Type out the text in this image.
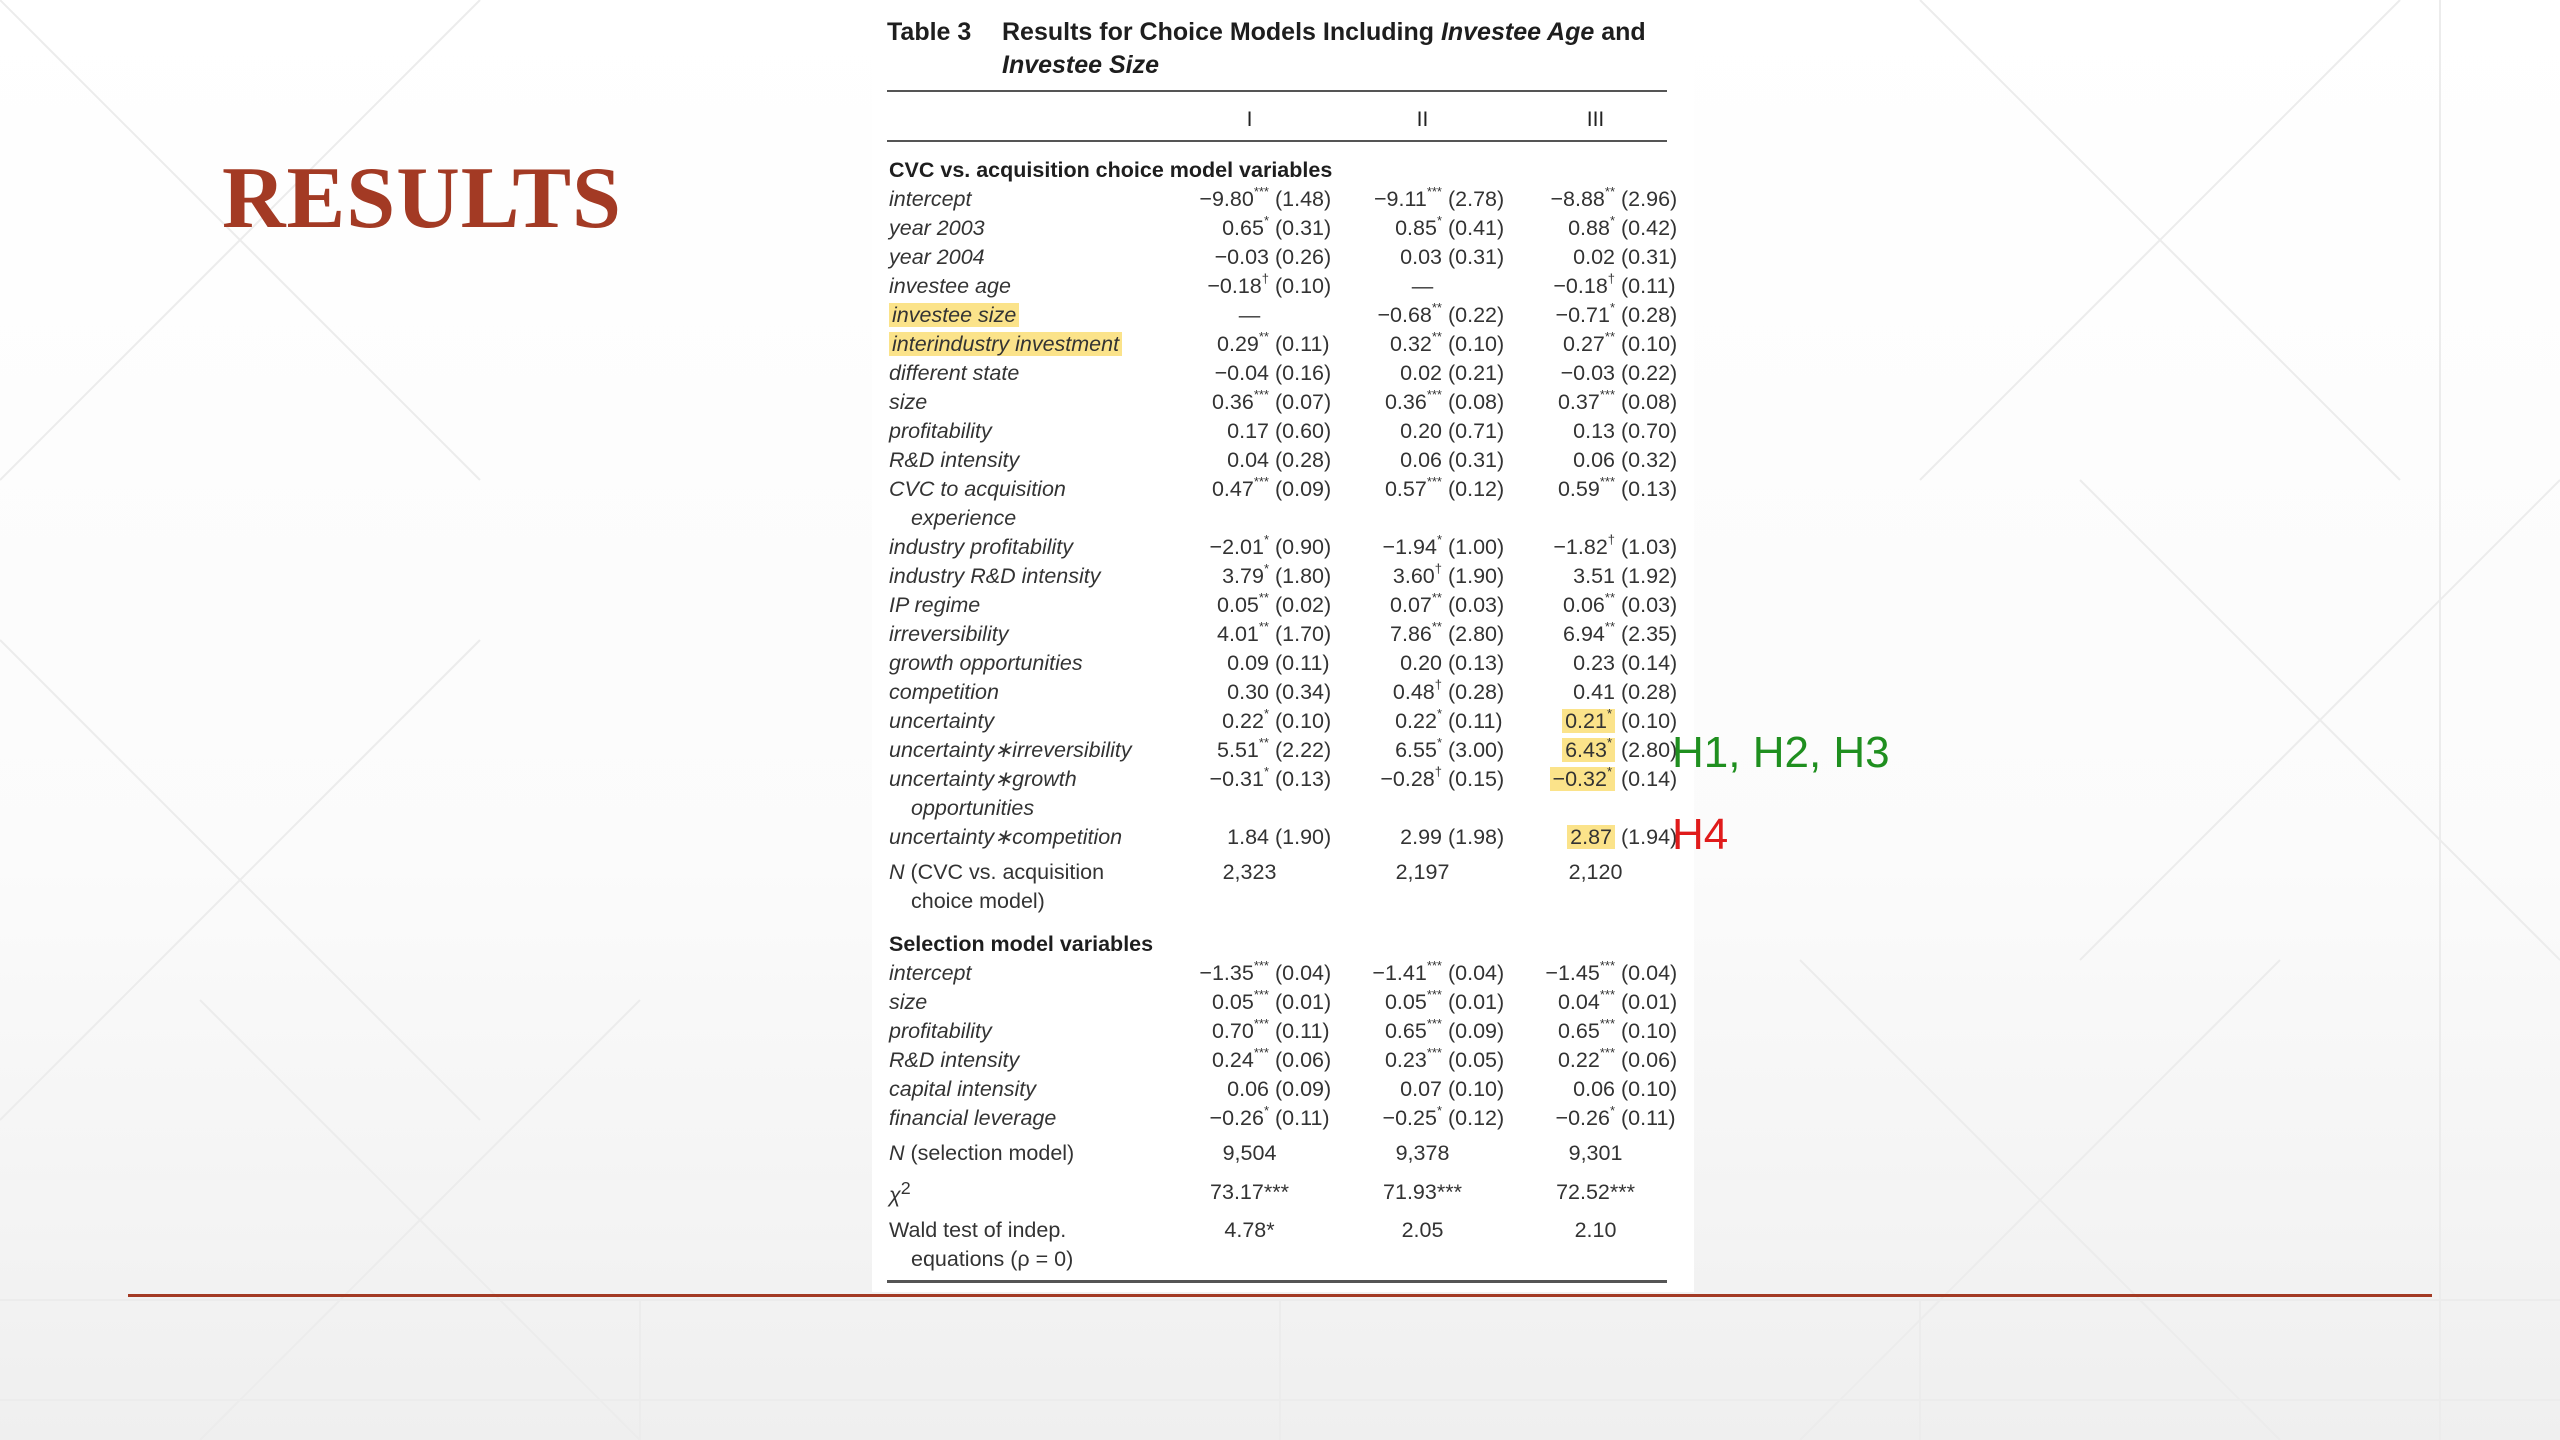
RESULTS
Table 3	Results for Choice Models Including Investee Age and Investee Size
	I		II		III	

CVC vs. acquisition choice model variables						
intercept	−9.80***	(1.48)	−9.11***	(2.78)	−8.88**	(2.96)
year 2003	0.65*	(0.31)	0.85*	(0.41)	0.88*	(0.42)
year 2004	−0.03	(0.26)	0.03	(0.31)	0.02	(0.31)
investee age	−0.18†	(0.10)	—		−0.18†	(0.11)
investee size	—		−0.68**	(0.22)	−0.71*	(0.28)
interindustry investment	0.29**	(0.11)	0.32**	(0.10)	0.27**	(0.10)
different state	−0.04	(0.16)	0.02	(0.21)	−0.03	(0.22)
size	0.36***	(0.07)	0.36***	(0.08)	0.37***	(0.08)
profitability	0.17	(0.60)	0.20	(0.71)	0.13	(0.70)
R&D intensity	0.04	(0.28)	0.06	(0.31)	0.06	(0.32)
CVC to acquisition	0.47***	(0.09)	0.57***	(0.12)	0.59***	(0.13)
experience						
industry profitability	−2.01*	(0.90)	−1.94*	(1.00)	−1.82†	(1.03)
industry R&D intensity	3.79*	(1.80)	3.60†	(1.90)	3.51	(1.92)
IP regime	0.05**	(0.02)	0.07**	(0.03)	0.06**	(0.03)
irreversibility	4.01**	(1.70)	7.86**	(2.80)	6.94**	(2.35)
growth opportunities	0.09	(0.11)	0.20	(0.13)	0.23	(0.14)
competition	0.30	(0.34)	0.48†	(0.28)	0.41	(0.28)
uncertainty	0.22*	(0.10)	0.22*	(0.11)	0.21*	(0.10)
uncertainty∗irreversibility	5.51**	(2.22)	6.55*	(3.00)	6.43*	(2.80)
uncertainty∗growth	−0.31*	(0.13)	−0.28†	(0.15)	−0.32*	(0.14)
opportunities						
uncertainty∗competition	1.84	(1.90)	2.99	(1.98)	2.87	(1.94)
N (CVC vs. acquisition	2,323		2,197		2,120	
choice model)						
Selection model variables						
intercept	−1.35***	(0.04)	−1.41***	(0.04)	−1.45***	(0.04)
size	0.05***	(0.01)	0.05***	(0.01)	0.04***	(0.01)
profitability	0.70***	(0.11)	0.65***	(0.09)	0.65***	(0.10)
R&D intensity	0.24***	(0.06)	0.23***	(0.05)	0.22***	(0.06)
capital intensity	0.06	(0.09)	0.07	(0.10)	0.06	(0.10)
financial leverage	−0.26*	(0.11)	−0.25*	(0.12)	−0.26*	(0.11)
N (selection model)	9,504		9,378		9,301	
$\chi^2$	73.17***		71.93***		72.52***	
Wald test of indep.	4.78*		2.05		2.10	
equations (ρ = 0)						
H1, H2, H3
H4
